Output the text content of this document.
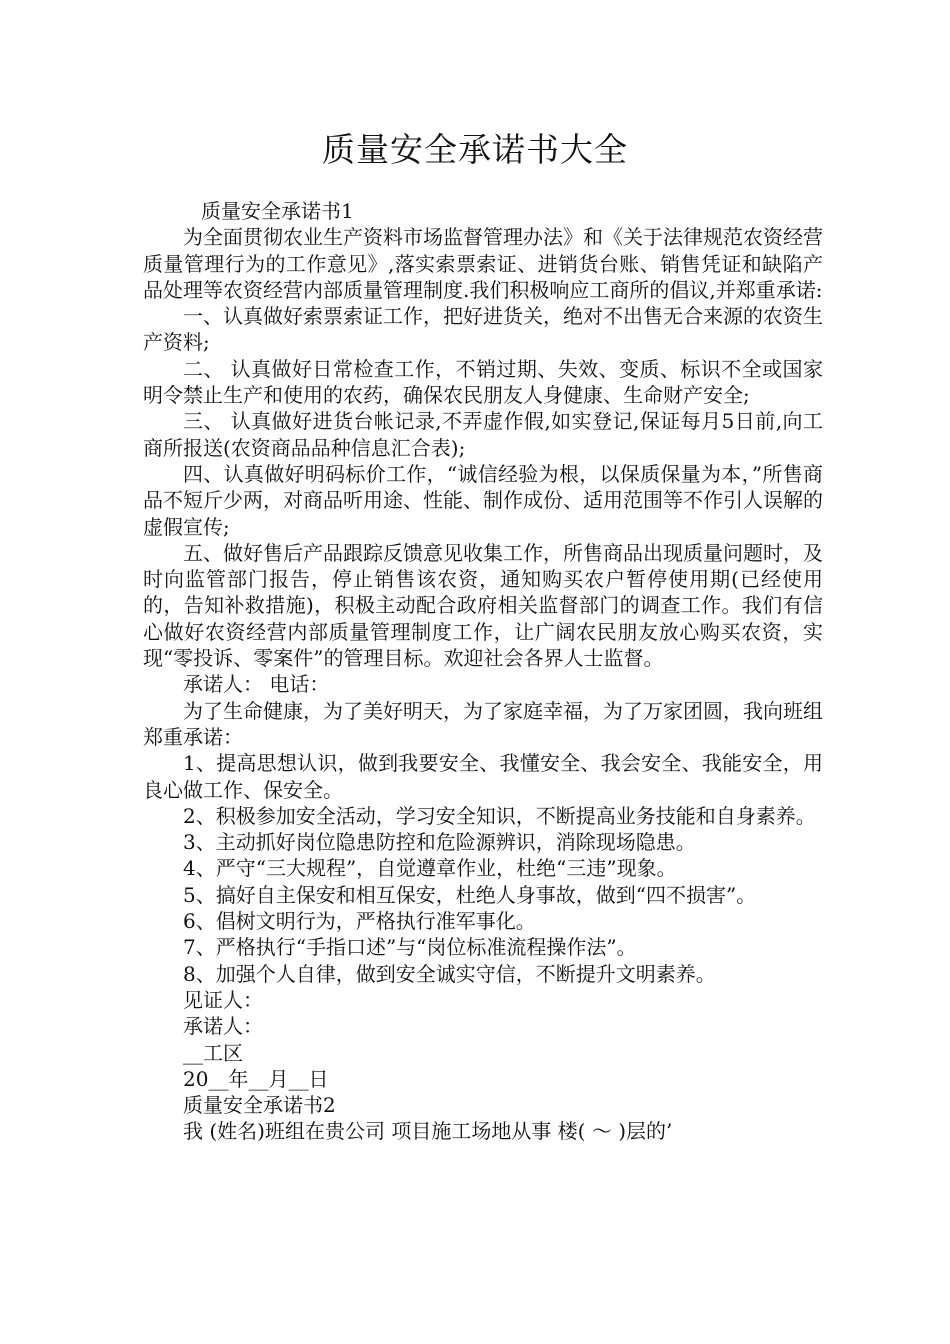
质量安全承诺书大全

质量安全承诺书1

为全面贯彻农业生产资料市场监督管理办法》和《关于法律规范农资经营质量管理行为的工作意见》,落实索票索证、进销货台账、销售凭证和缺陷产品处理等农资经营内部质量管理制度.我们积极响应工商所的倡议,并郑重承诺:

一、认真做好索票索证工作，把好进货关，绝对不出售无合来源的农资生产资料;

二、 认真做好日常检查工作，不销过期、失效、变质、标识不全或国家明令禁止生产和使用的农药，确保农民朋友人身健康、生命财产安全;

三、 认真做好进货台帐记录,不弄虚作假,如实登记,保证每月5日前,向工商所报送(农资商品品种信息汇合表);

四、认真做好明码标价工作，“诚信经验为根，以保质保量为本，”所售商品不短斤少两，对商品听用途、性能、制作成份、适用范围等不作引人误解的虚假宣传;

五、做好售后产品跟踪反馈意见收集工作，所售商品出现质量问题时，及时向监管部门报告，停止销售该农资，通知购买农户暂停使用期(已经使用的，告知补救措施)，积极主动配合政府相关监督部门的调查工作。我们有信心做好农资经营内部质量管理制度工作，让广阔农民朋友放心购买农资，实现“零投诉、零案件”的管理目标。欢迎社会各界人士监督。

承诺人： 电话：

为了生命健康，为了美好明天，为了家庭幸福，为了万家团圆，我向班组郑重承诺：

1、提高思想认识，做到我要安全、我懂安全、我会安全、我能安全，用良心做工作、保安全。

2、积极参加安全活动，学习安全知识，不断提高业务技能和自身素养。

3、主动抓好岗位隐患防控和危险源辨识，消除现场隐患。

4、严守“三大规程”，自觉遵章作业，杜绝“三违”现象。

5、搞好自主保安和相互保安，杜绝人身事故，做到“四不损害”。

6、倡树文明行为，严格执行准军事化。

7、严格执行“手指口述”与“岗位标准流程操作法”。

8、加强个人自律，做到安全诚实守信，不断提升文明素养。

见证人：

承诺人：

__工区

20__年__月__日

质量安全承诺书2

我 (姓名)班组在贵公司 项目施工场地从事 楼( ～ )层的’
